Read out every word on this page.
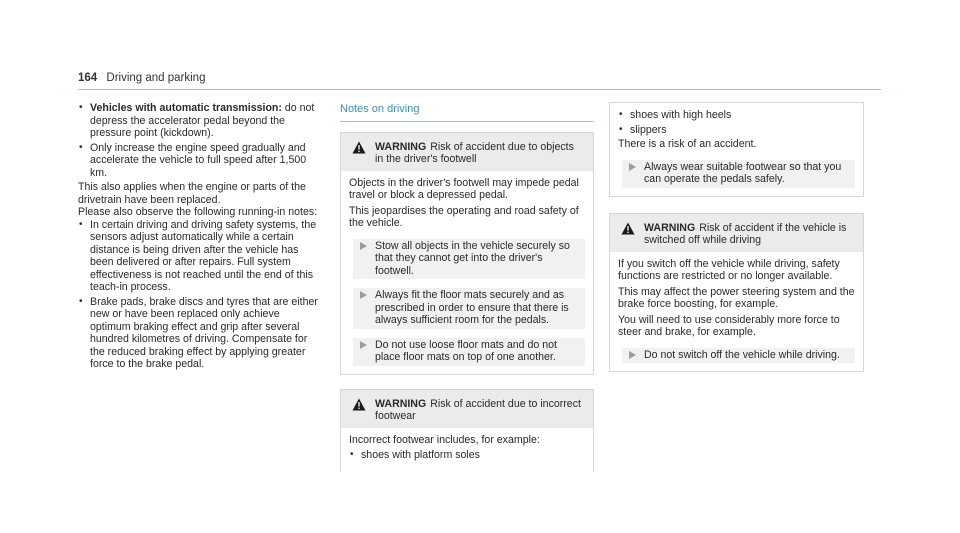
164 Driving and parking
• Vehicles with automatic transmission: do not depress the accelerator pedal beyond the pressure point (kickdown).
• Only increase the engine speed gradually and accelerate the vehicle to full speed after 1,500 km.

This also applies when the engine or parts of the drivetrain have been replaced.

Please also observe the following running-in notes:

• In certain driving and driving safety systems, the sensors adjust automatically while a certain distance is being driven after the vehicle has been delivered or after repairs. Full system effectiveness is not reached until the end of this teach-in process.
• Brake pads, brake discs and tyres that are either new or have been replaced only achieve optimum braking effect and grip after several hundred kilometres of driving. Compensate for the reduced braking effect by applying greater force to the brake pedal.
Notes on driving
WARNING Risk of accident due to objects in the driver's footwell

Objects in the driver's footwell may impede pedal travel or block a depressed pedal.

This jeopardises the operating and road safety of the vehicle.

Stow all objects in the vehicle securely so that they cannot get into the driver's footwell.
Always fit the floor mats securely and as prescribed in order to ensure that there is always sufficient room for the pedals.
Do not use loose floor mats and do not place floor mats on top of one another.
WARNING Risk of accident due to incorrect footwear

Incorrect footwear includes, for example:

• shoes with platform soles
• shoes with high heels
• slippers

There is a risk of an accident.

Always wear suitable footwear so that you can operate the pedals safely.
WARNING Risk of accident if the vehicle is switched off while driving

If you switch off the vehicle while driving, safety functions are restricted or no longer available.

This may affect the power steering system and the brake force boosting, for example.

You will need to use considerably more force to steer and brake, for example.

Do not switch off the vehicle while driving.
